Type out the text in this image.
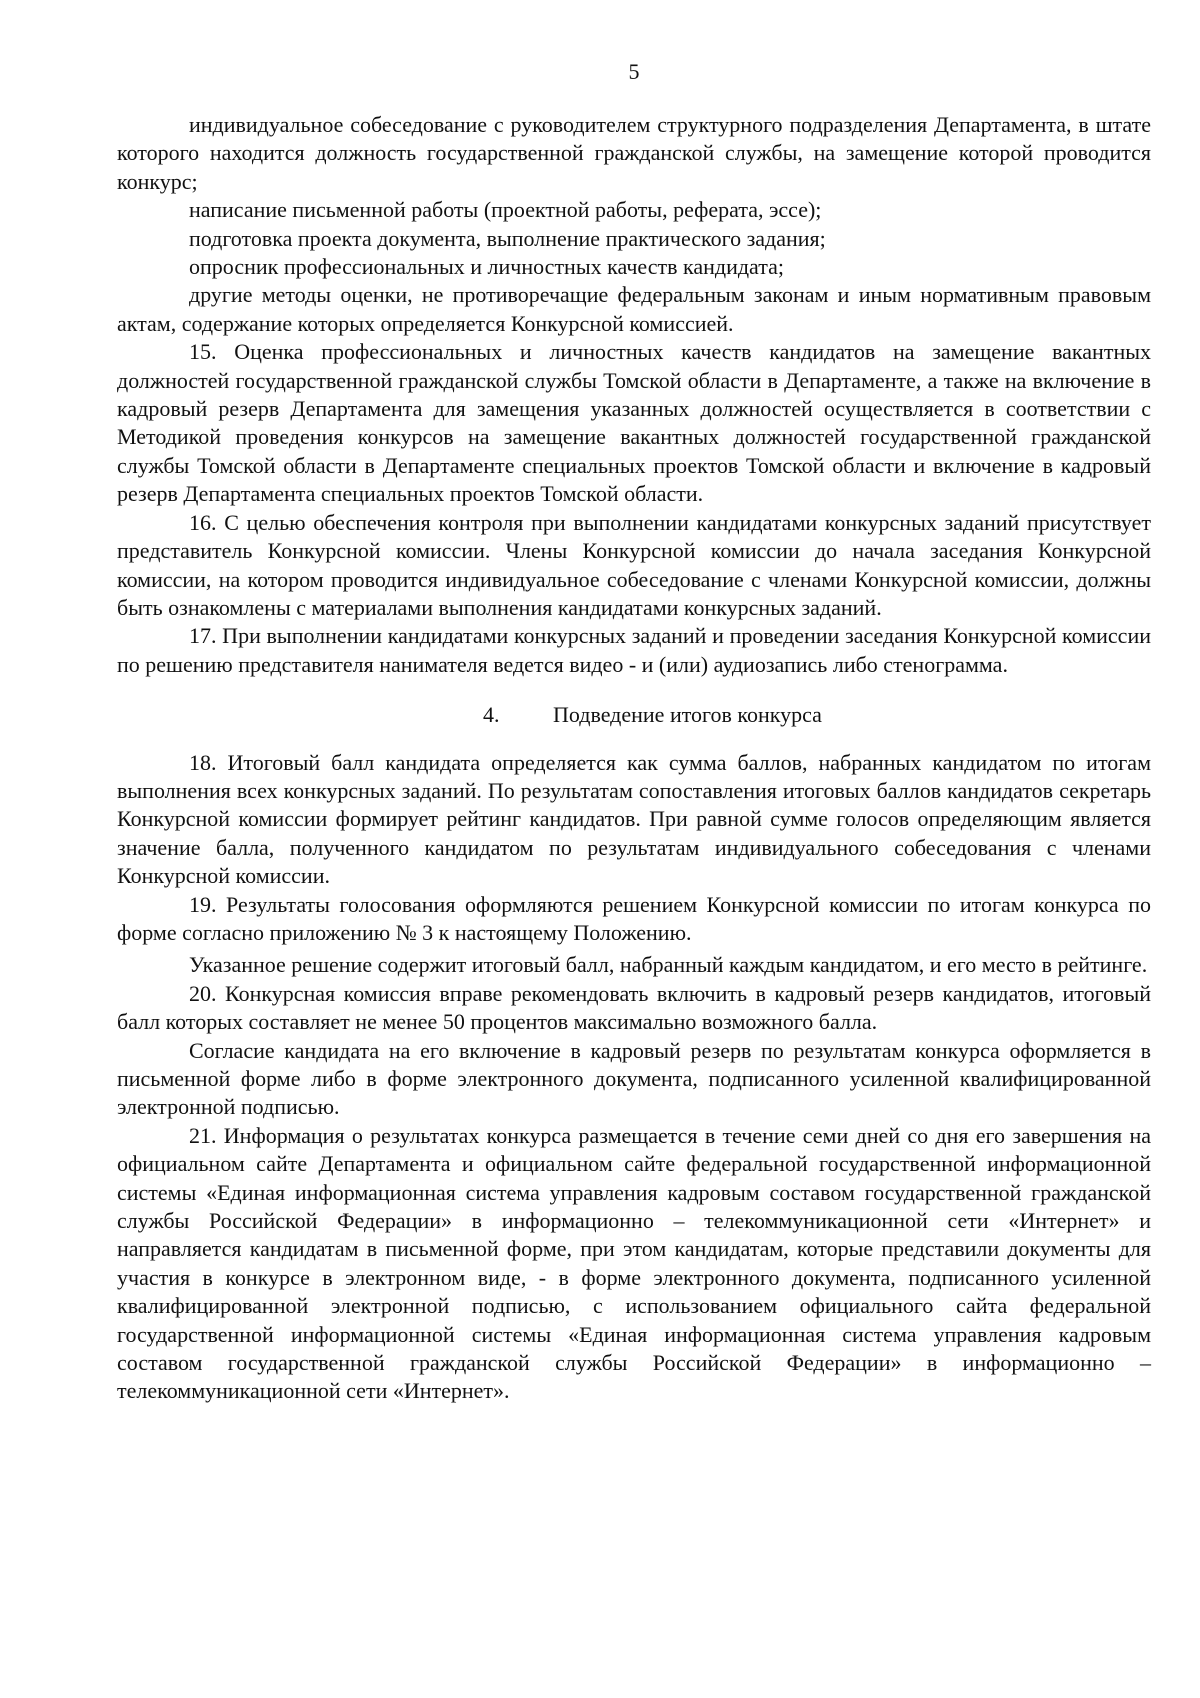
5

индивидуальное собеседование с руководителем структурного подразделения Департамента, в штате которого находится должность государственной гражданской службы, на замещение которой проводится конкурс;

написание письменной работы (проектной работы, реферата, эссе);

подготовка проекта документа, выполнение практического задания;

опросник профессиональных и личностных качеств кандидата;

другие методы оценки, не противоречащие федеральным законам и иным нормативным правовым актам, содержание которых определяется Конкурсной комиссией.

15. Оценка профессиональных и личностных качеств кандидатов на замещение вакантных должностей государственной гражданской службы Томской области в Департаменте, а также на включение в кадровый резерв Департамента для замещения указанных должностей осуществляется в соответствии с Методикой проведения конкурсов на замещение вакантных должностей государственной гражданской службы Томской области в Департаменте специальных проектов Томской области и включение в кадровый резерв Департамента специальных проектов Томской области.

16. С целью обеспечения контроля при выполнении кандидатами конкурсных заданий присутствует представитель Конкурсной комиссии. Члены Конкурсной комиссии до начала заседания Конкурсной комиссии, на котором проводится индивидуальное собеседование с членами Конкурсной комиссии, должны быть ознакомлены с материалами выполнения кандидатами конкурсных заданий.

17. При выполнении кандидатами конкурсных заданий и проведении заседания Конкурсной комиссии по решению представителя нанимателя ведется видео - и (или) аудиозапись либо стенограмма.

4. Подведение итогов конкурса

18. Итоговый балл кандидата определяется как сумма баллов, набранных кандидатом по итогам выполнения всех конкурсных заданий. По результатам сопоставления итоговых баллов кандидатов секретарь Конкурсной комиссии формирует рейтинг кандидатов. При равной сумме голосов определяющим является значение балла, полученного кандидатом по результатам индивидуального собеседования с членами Конкурсной комиссии.

19. Результаты голосования оформляются решением Конкурсной комиссии по итогам конкурса по форме согласно приложению № 3 к настоящему Положению.

Указанное решение содержит итоговый балл, набранный каждым кандидатом, и его место в рейтинге.

20. Конкурсная комиссия вправе рекомендовать включить в кадровый резерв кандидатов, итоговый балл которых составляет не менее 50 процентов максимально возможного балла.

Согласие кандидата на его включение в кадровый резерв по результатам конкурса оформляется в письменной форме либо в форме электронного документа, подписанного усиленной квалифицированной электронной подписью.

21. Информация о результатах конкурса размещается в течение семи дней со дня его завершения на официальном сайте Департамента и официальном сайте федеральной государственной информационной системы «Единая информационная система управления кадровым составом государственной гражданской службы Российской Федерации» в информационно – телекоммуникационной сети «Интернет» и направляется кандидатам в письменной форме, при этом кандидатам, которые представили документы для участия в конкурсе в электронном виде, - в форме электронного документа, подписанного усиленной квалифицированной электронной подписью, с использованием официального сайта федеральной государственной информационной системы «Единая информационная система управления кадровым составом государственной гражданской службы Российской Федерации» в информационно – телекоммуникационной сети «Интернет».
